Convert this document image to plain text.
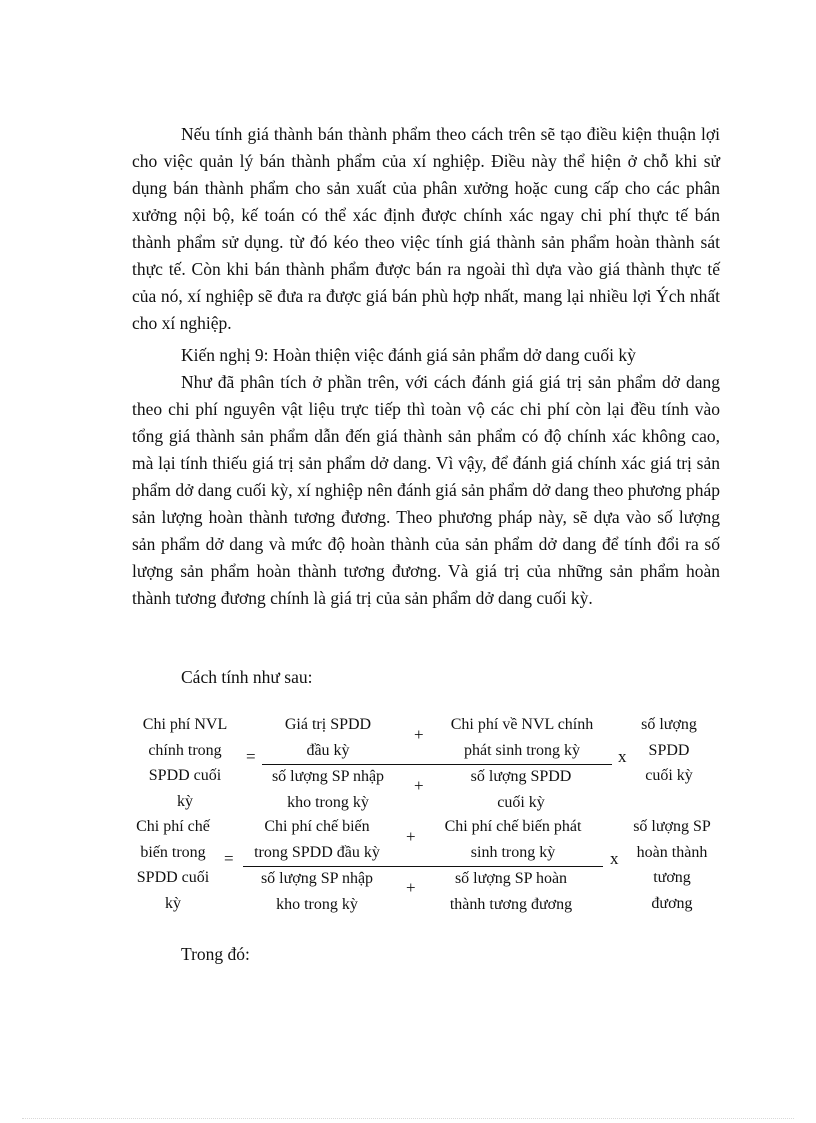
Nếu tính giá thành bán thành phẩm theo cách trên sẽ tạo điều kiện thuận lợi cho việc quản lý bán thành phẩm của xí nghiệp. Điều này thể hiện ở chỗ khi sử dụng bán thành phẩm cho sản xuất của phân xưởng hoặc cung cấp cho các phân xưởng nội bộ, kế toán có thể xác định được chính xác ngay chi phí thực tế bán thành phẩm sử dụng. từ đó kéo theo việc tính giá thành sản phẩm hoàn thành sát thực tế. Còn khi bán thành phẩm được bán ra ngoài thì dựa vào giá thành thực tế của nó, xí nghiệp sẽ đưa ra được giá bán phù hợp nhất, mang lại nhiều lợi Ých nhất cho xí nghiệp.

Kiến nghị 9: Hoàn thiện việc đánh giá sản phẩm dở dang cuối kỳ

Như đã phân tích ở phần trên, với cách đánh giá giá trị sản phẩm dở dang theo chi phí nguyên vật liệu trực tiếp thì toàn vộ các chi phí còn lại đều tính vào tổng giá thành sản phẩm dẫn đến giá thành sản phẩm có độ chính xác không cao, mà lại tính thiếu giá trị sản phẩm dở dang. Vì vậy, để đánh giá chính xác giá trị sản phẩm dở dang cuối kỳ, xí nghiệp nên đánh giá sản phẩm dở dang theo phương pháp sản lượng hoàn thành tương đương. Theo phương pháp này, sẽ dựa vào số lượng sản phẩm dở dang và mức độ hoàn thành của sản phẩm dở dang để tính đổi ra số lượng sản phẩm hoàn thành tương đương. Và giá trị của những sản phẩm hoàn thành tương đương chính là giá trị của sản phẩm dở dang cuối kỳ.

Cách tính như sau:
Chi phí NVL
chính trong
SPDD cuối
kỳ
=
Giá trị SPDD
đầu kỳ
+
Chi phí về NVL chính
phát sinh trong kỳ
số lượng SP nhập
kho trong kỳ
+	số lượng SPDD
cuối kỳ
x
số lượng
SPDD
cuối kỳ
Chi phí chế
biến trong
SPDD cuối
kỳ
=
Chi phí chế biến
trong SPDD đầu kỳ
+
Chi phí chế biến phát
sinh trong kỳ
số lượng SP nhập
kho trong kỳ
+	số lượng SP hoàn
thành tương đương
x
số lượng SP
hoàn thành
tương
đương
Trong đó:
